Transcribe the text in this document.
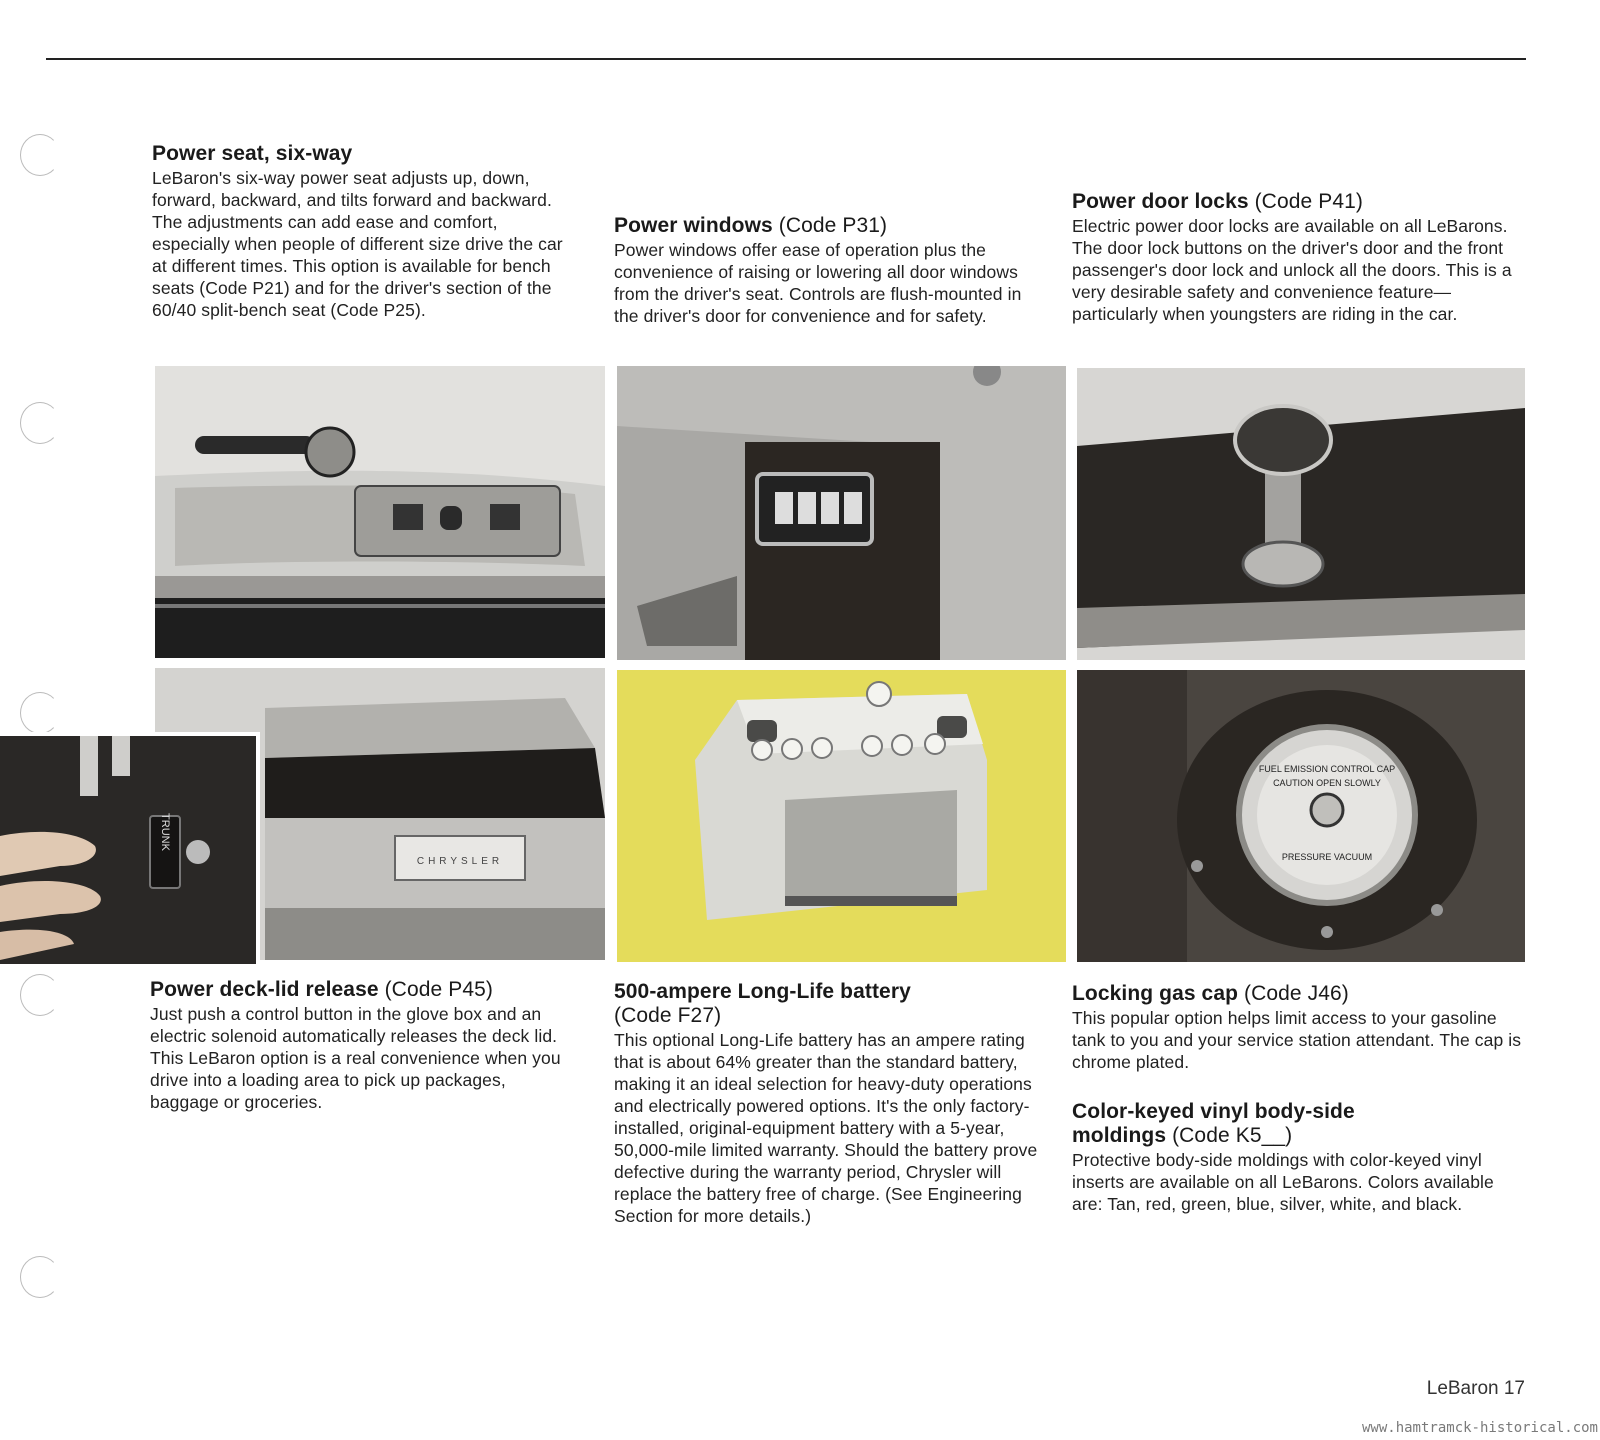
Power seat, six-way

LeBaron's six-way power seat adjusts up, down, forward, backward, and tilts forward and backward. The adjustments can add ease and comfort, especially when people of different size drive the car at different times. This option is available for bench seats (Code P21) and for the driver's section of the 60/40 split-bench seat (Code P25).

Power windows (Code P31)

Power windows offer ease of operation plus the convenience of raising or lowering all door windows from the driver's seat. Controls are flush-mounted in the driver's door for convenience and for safety.

Power door locks (Code P41)

Electric power door locks are available on all LeBarons. The door lock buttons on the driver's door and the front passenger's door lock and unlock all the doors. This is a very desirable safety and convenience feature—particularly when youngsters are riding in the car.

Power deck-lid release (Code P45)

Just push a control button in the glove box and an electric solenoid automatically releases the deck lid. This LeBaron option is a real convenience when you drive into a loading area to pick up packages, baggage or groceries.

500-ampere Long-Life battery
(Code F27)

This optional Long-Life battery has an ampere rating that is about 64% greater than the standard battery, making it an ideal selection for heavy-duty operations and electrically powered options. It's the only factory-installed, original-equipment battery with a 5-year, 50,000-mile limited warranty. Should the battery prove defective during the warranty period, Chrysler will replace the battery free of charge. (See Engineering Section for more details.)

Locking gas cap (Code J46)

This popular option helps limit access to your gasoline tank to you and your service station attendant. The cap is chrome plated.

Color-keyed vinyl body-side
moldings (Code K5__)

Protective body-side moldings with color-keyed vinyl inserts are available on all LeBarons. Colors available are: Tan, red, green, blue, silver, white, and black.

CHRYSLER
TRUNK
FUEL EMISSION CONTROL CAP
CAUTION OPEN SLOWLY
PRESSURE VACUUM
LeBaron 17
www.hamtramck-historical.com
